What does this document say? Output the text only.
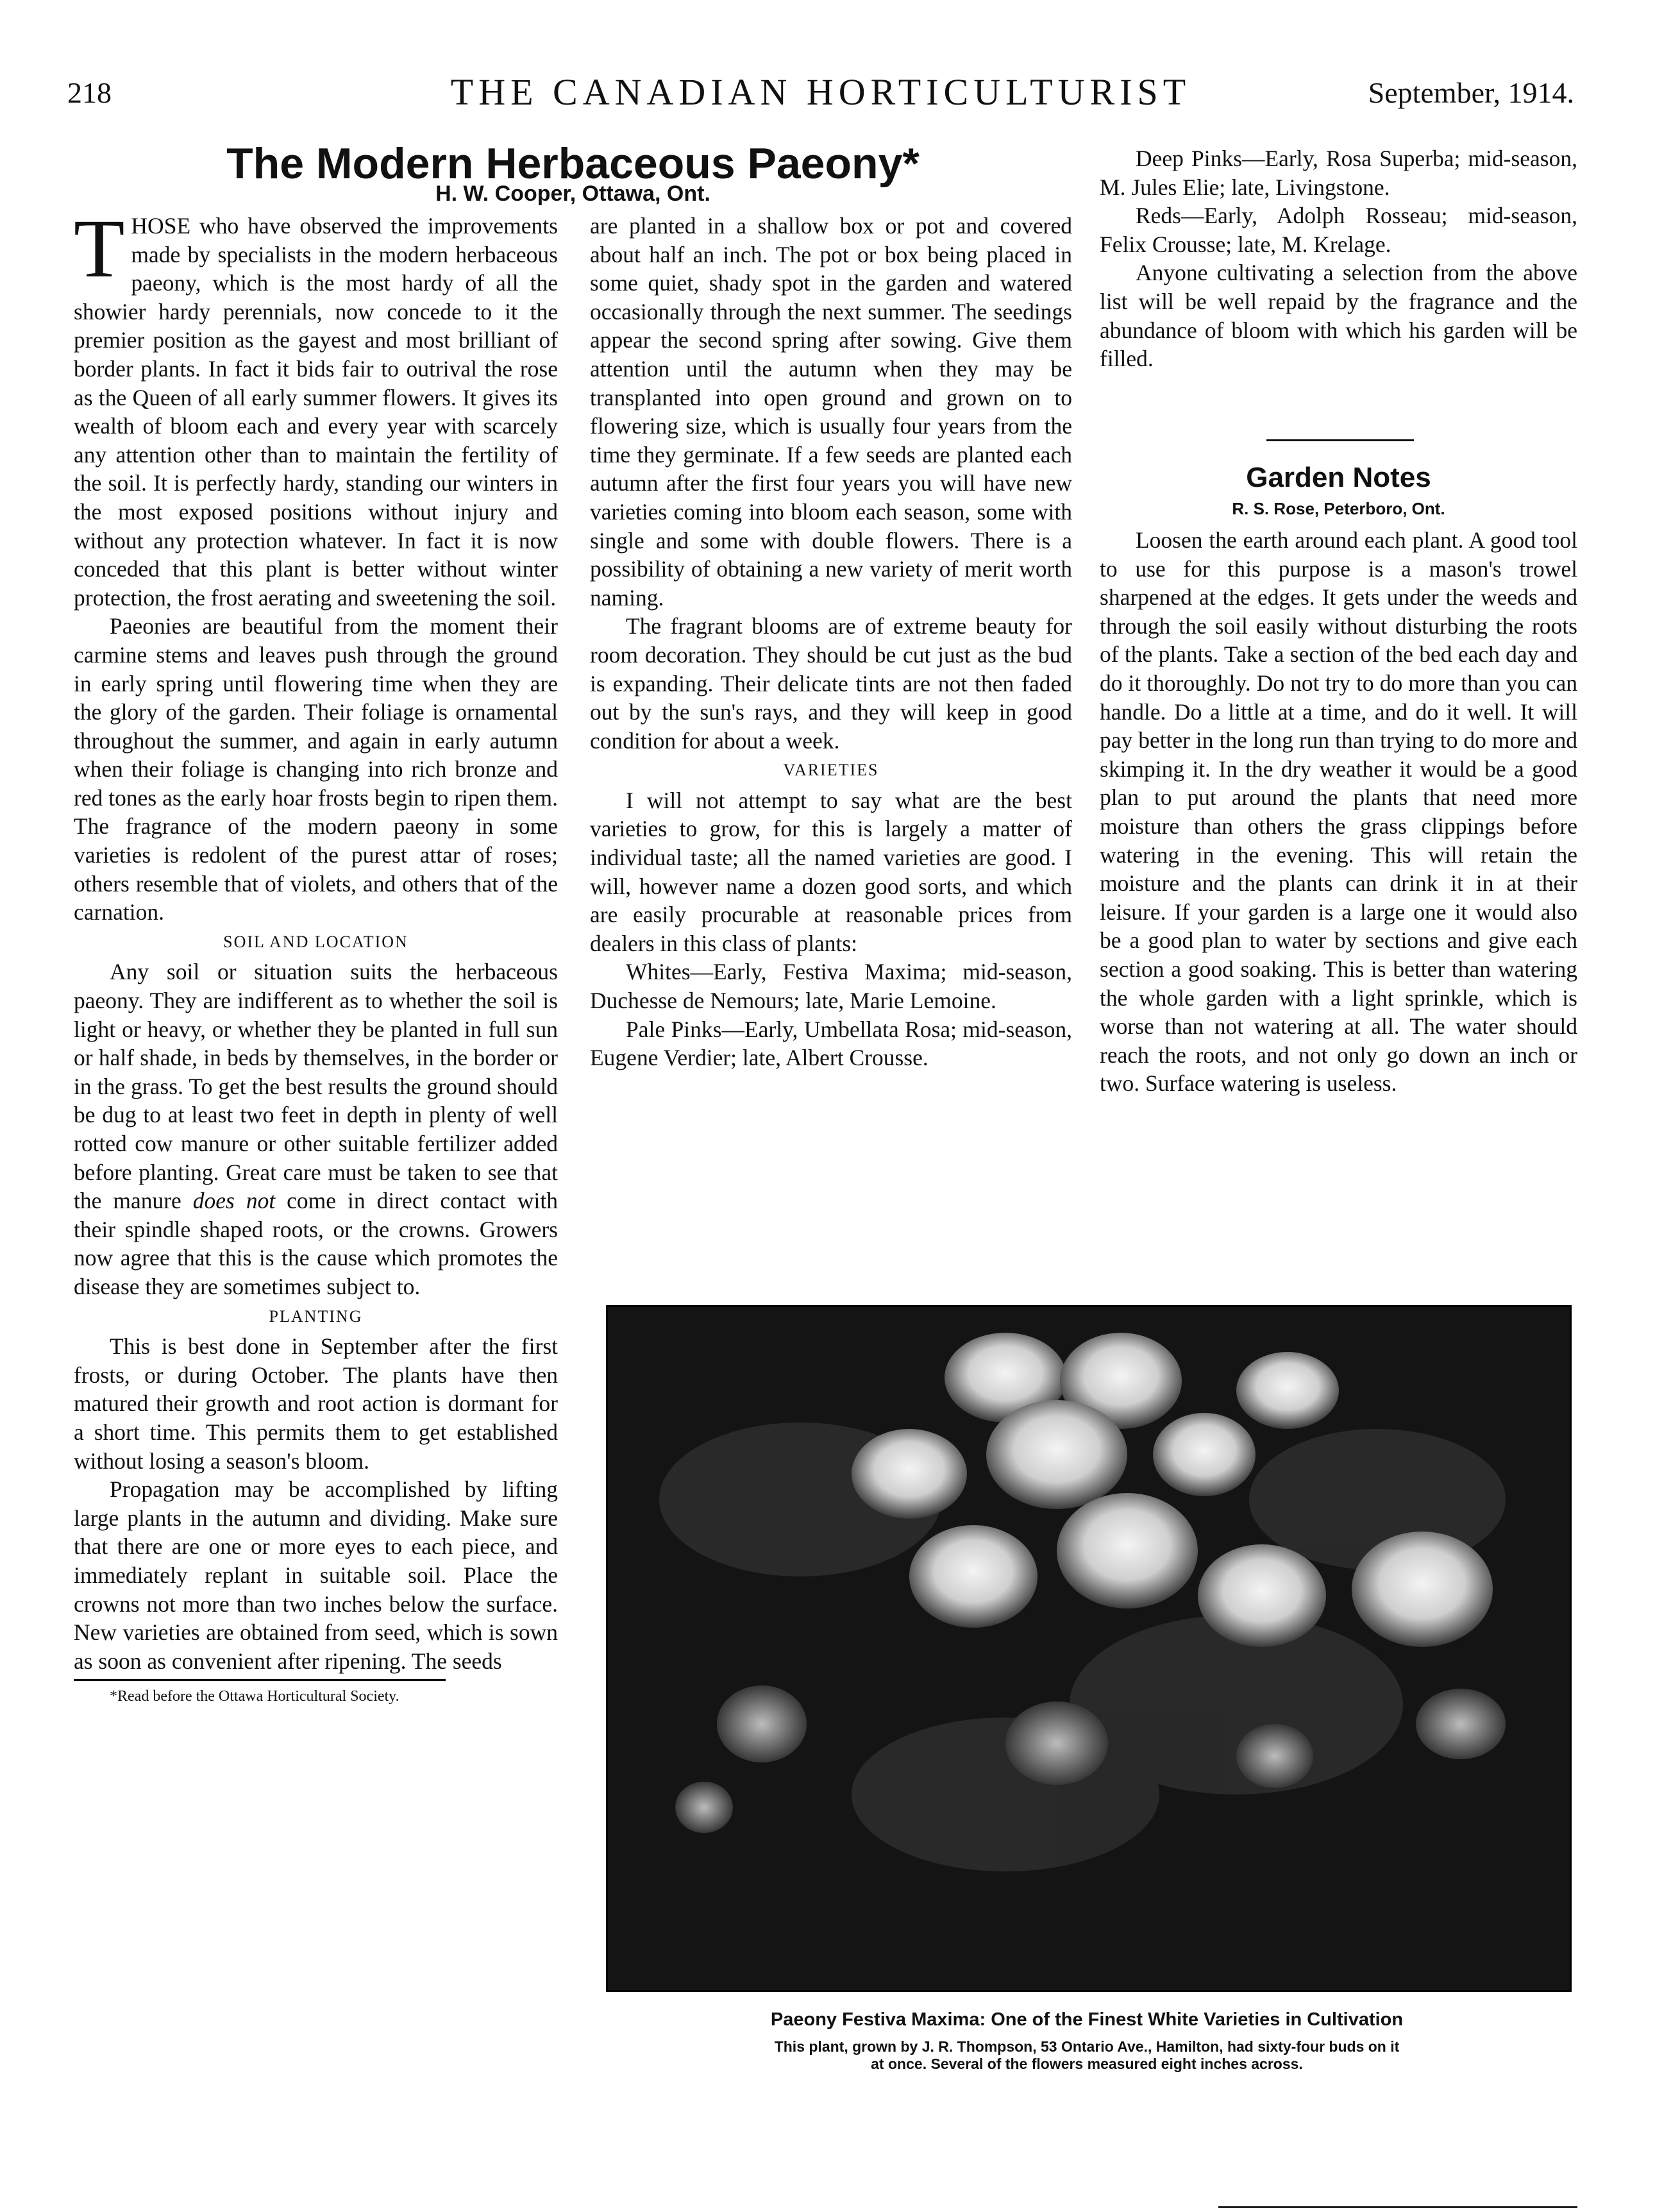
218	THE CANADIAN HORTICULTURIST	September, 1914.
The Modern Herbaceous Paeony*
H. W. Cooper, Ottawa, Ont.

THOSE who have observed the improvements made by specialists in the modern herbaceous paeony, which is the most hardy of all the showier hardy perennials, now concede to it the premier position as the gayest and most brilliant of border plants. In fact it bids fair to outrival the rose as the Queen of all early summer flowers. It gives its wealth of bloom each and every year with scarcely any attention other than to maintain the fertility of the soil. It is perfectly hardy, standing our winters in the most exposed positions without injury and without any protection whatever. In fact it is now conceded that this plant is better without winter protection, the frost aerating and sweetening the soil.

Paeonies are beautiful from the moment their carmine stems and leaves push through the ground in early spring until flowering time when they are the glory of the garden. Their foliage is ornamental throughout the summer, and again in early autumn when their foliage is changing into rich bronze and red tones as the early hoar frosts begin to ripen them. The fragrance of the modern paeony in some varieties is redolent of the purest attar of roses; others resemble that of violets, and others that of the carnation.

SOIL AND LOCATION

Any soil or situation suits the herbaceous paeony. They are indifferent as to whether the soil is light or heavy, or whether they be planted in full sun or half shade, in beds by themselves, in the border or in the grass. To get the best results the ground should be dug to at least two feet in depth in plenty of well rotted cow manure or other suitable fertilizer added before planting. Great care must be taken to see that the manure does not come in direct contact with their spindle shaped roots, or the crowns. Growers now agree that this is the cause which promotes the disease they are sometimes subject to.

PLANTING

This is best done in September after the first frosts, or during October. The plants have then matured their growth and root action is dormant for a short time. This permits them to get established without losing a season's bloom.

Propagation may be accomplished by lifting large plants in the autumn and dividing. Make sure that there are one or more eyes to each piece, and immediately replant in suitable soil. Place the crowns not more than two inches below the surface. New varieties are obtained from seed, which is sown as soon as convenient after ripening. The seeds

*Read before the Ottawa Horticultural Society.

are planted in a shallow box or pot and covered about half an inch. The pot or box being placed in some quiet, shady spot in the garden and watered occasionally through the next summer. The seedings appear the second spring after sowing. Give them attention until the autumn when they may be transplanted into open ground and grown on to flowering size, which is usually four years from the time they germinate. If a few seeds are planted each autumn after the first four years you will have new varieties coming into bloom each season, some with single and some with double flowers. There is a possibility of obtaining a new variety of merit worth naming.

The fragrant blooms are of extreme beauty for room decoration. They should be cut just as the bud is expanding. Their delicate tints are not then faded out by the sun's rays, and they will keep in good condition for about a week.

VARIETIES

I will not attempt to say what are the best varieties to grow, for this is largely a matter of individual taste; all the named varieties are good. I will, however name a dozen good sorts, and which are easily procurable at reasonable prices from dealers in this class of plants:

Whites—Early, Festiva Maxima; mid-season, Duchesse de Nemours; late, Marie Lemoine.

Pale Pinks—Early, Umbellata Rosa; mid-season, Eugene Verdier; late, Albert Crousse.

Deep Pinks—Early, Rosa Superba; mid-season, M. Jules Elie; late, Livingstone.

Reds—Early, Adolph Rosseau; mid-season, Felix Crousse; late, M. Krelage.

Anyone cultivating a selection from the above list will be well repaid by the fragrance and the abundance of bloom with which his garden will be filled.

Garden Notes
R. S. Rose, Peterboro, Ont.

Loosen the earth around each plant. A good tool to use for this purpose is a mason's trowel sharpened at the edges. It gets under the weeds and through the soil easily without disturbing the roots of the plants. Take a section of the bed each day and do it thoroughly. Do not try to do more than you can handle. Do a little at a time, and do it well. It will pay better in the long run than trying to do more and skimping it. In the dry weather it would be a good plan to put around the plants that need more moisture than others the grass clippings before watering in the evening. This will retain the moisture and the plants can drink it in at their leisure. If your garden is a large one it would also be a good plan to water by sections and give each section a good soaking. This is better than watering the whole garden with a light sprinkle, which is worse than not watering at all. The water should reach the roots, and not only go down an inch or two. Surface watering is useless.

Paeony Festiva Maxima: One of the Finest White Varieties in Cultivation
This plant, grown by J. R. Thompson, 53 Ontario Ave., Hamilton, had sixty-four buds on it
at once. Several of the flowers measured eight inches across.
